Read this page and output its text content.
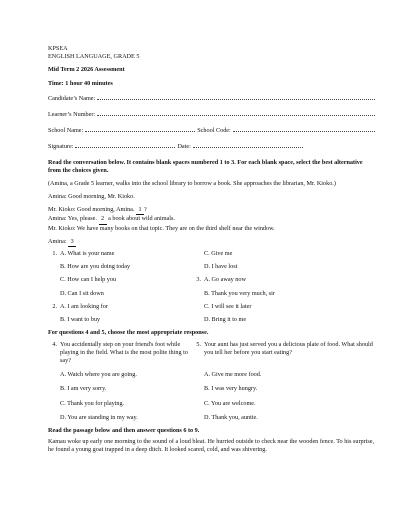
KPSEA

ENGLISH LANGUAGE, GRADE 5

Mid Term 2 2026 Assessment

Time: 1 hour 40 minutes

Candidate’s Name:
Learner’s Number:
School Name:	School Code:
Signature:	Date:

Read the conversation below. It contains blank spaces numbered 1 to 3. For each blank space, select the best alternative from the choices given.

(Amina, a Grade 5 learner, walks into the school library to borrow a book. She approaches the librarian, Mr. Kioko.)

Amina: Good morning, Mr. Kioko.

Mr. Kioko: Good morning, Amina. 1 ?

Amina: Yes, please. 2 a book about wild animals.

Mr. Kioko: We have many books on that topic. They are on the third shelf near the window.

Amina: 3

1. A. What is your name	C. Give me
B. How are you doing today	D. I have lost
C. How can I help you	3. A. Go away now
D. Can I sit down	B. Thank you very much, sir
2. A. I am looking for	C. I will see it later
B. I want to buy	D. Bring it to me

For questions 4 and 5, choose the most appropriate response.

4. You accidentally step on your friend's foot while playing in the field. What is the most polite thing to say?
5. Your aunt has just served you a delicious plate of food. What should you tell her before you start eating?
A. Watch where you are going.	A. Give me more food.
B. I am very sorry.	B. I was very hungry.
C. Thank you for playing.	C. You are welcome.
D. You are standing in my way.	D. Thank you, auntie.

Read the passage below and then answer questions 6 to 9.

Kamau woke up early one morning to the sound of a loud bleat. He hurried outside to check near the wooden fence. To his surprise, he found a young goat trapped in a deep ditch. It looked scared, cold, and was shivering.
